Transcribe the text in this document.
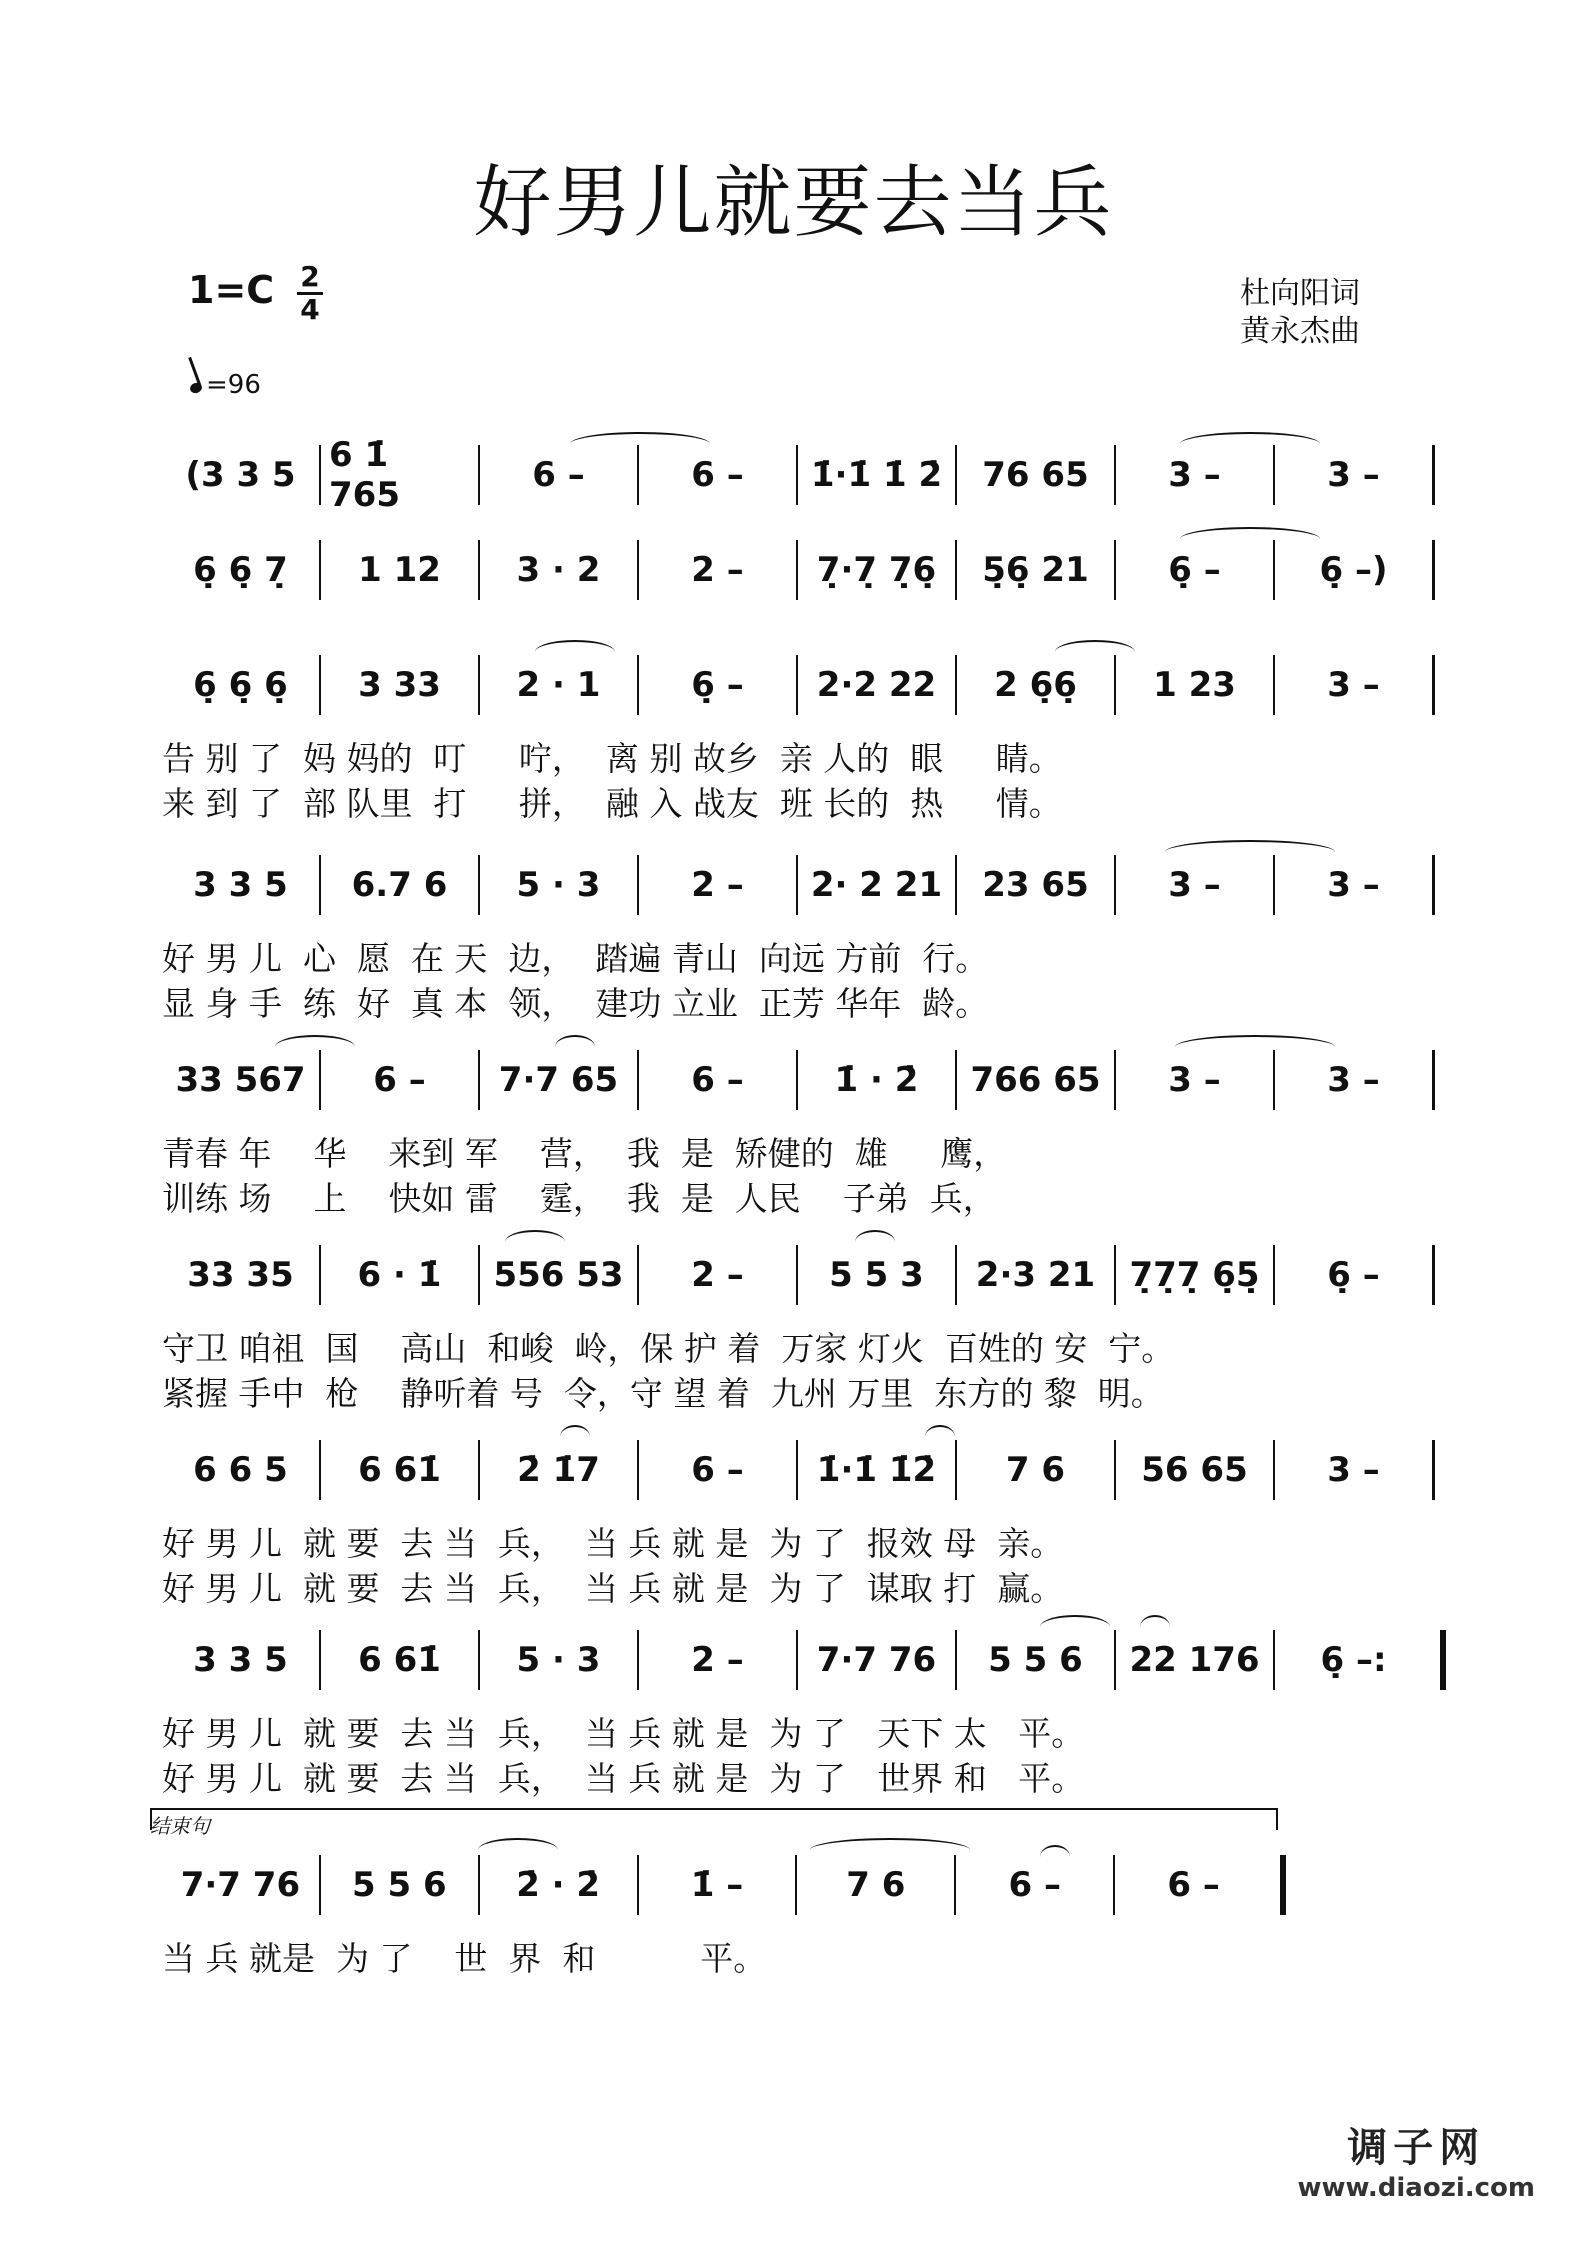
好男儿就要去当兵
$1=C \frac{2}{4}$	杜向阳词
黄永杰曲
=96
(3 3 5 6 1̇ 765	6 –	6 –	1̇·1̇ 1̇ 2̇	76 65	3 –	3 –
6̣ 6̣ 7̣	1 12	3 · 2	2 –	7̣·7̣ 7̣6̣	5̣6̣ 21	6̣ –	6̣ –)
6̣ 6̣ 6̣	3 33	2 · 1	6̣ –	2·2 22	2 6̣6̣	1 23	3 –
告 别 了  妈 妈的  叮     咛，  离 别 故乡  亲 人的  眼     睛。
来 到 了  部 队里  打     拼，  融 入 战友  班 长的  热     情。
3 3 5	6.7 6	5 · 3	2 –	2· 2 21	23 65	3 –	3 –
好 男 儿  心  愿  在 天  边，  踏遍 青山  向远 方前  行。
显 身 手  练  好  真 本  领，  建功 立业  正芳 华年  龄。
33 567	6 –	7·7 65	6 –	1̇ · 2̇	766 65	3 –	3 –
青春 年    华    来到 军    营，  我  是  矫健的  雄     鹰，
训练 场    上    快如 雷    霆，  我  是  人民    子弟  兵，
33 35	6 · 1̇	556 53	2 –	5 5 3	2·3 21	7̣7̣7̣ 6̣5̣	6̣ –
守卫 咱祖  国    高山  和峻  岭，保 护 着  万家 灯火  百姓的 安  宁。
紧握 手中  枪    静听着 号  令，守 望 着  九州 万里  东方的 黎  明。
6 6 5	6 61̇	2̇ 1̇7	6 –	1̇·1̇ 1̇2̇	7 6	56 65	3 –
好 男 儿  就 要  去 当  兵，  当 兵 就 是  为 了  报效 母  亲。
好 男 儿  就 要  去 当  兵，  当 兵 就 是  为 了  谋取 打  赢。
3 3 5	6 61̇	5 · 3	2 –	7·7 76	5 5 6	22 176	6̣ –:
好 男 儿  就 要  去 当  兵，  当 兵 就 是  为 了   天下 太   平。
好 男 儿  就 要  去 当  兵，  当 兵 就 是  为 了   世界 和   平。
7·7 76	5 5 6	2̇ · 2̇	1̇ –	7 6	6 –	6 –
当 兵 就是  为 了    世  界  和          平。
结束句
调子网
www.diaozi.com
